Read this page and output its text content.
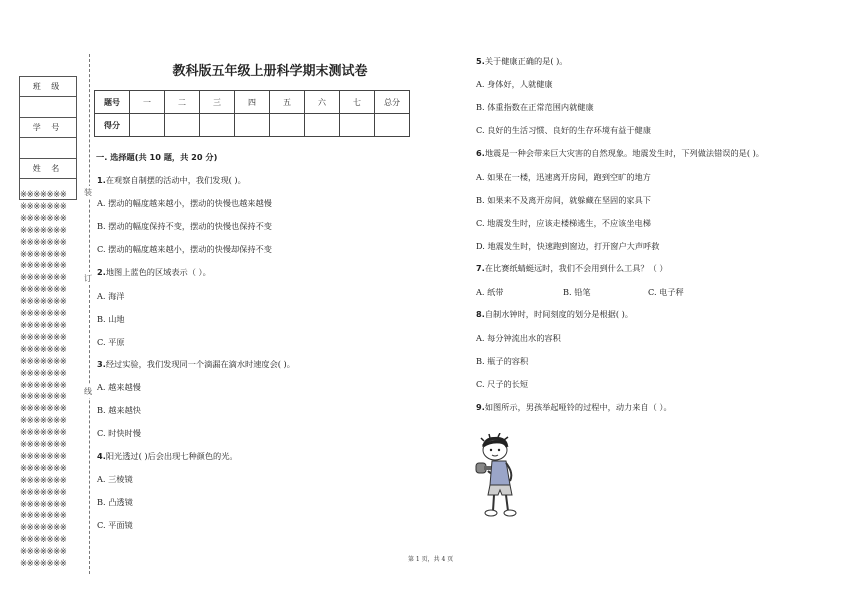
班 级

学 号

姓 名

※※※※※※※
※※※※※※※
※※※※※※※
※※※※※※※
※※※※※※※
※※※※※※※
※※※※※※※
※※※※※※※
※※※※※※※
※※※※※※※
※※※※※※※
※※※※※※※
※※※※※※※
※※※※※※※
※※※※※※※
※※※※※※※
※※※※※※※
※※※※※※※
※※※※※※※
※※※※※※※
※※※※※※※
※※※※※※※
※※※※※※※
※※※※※※※
※※※※※※※
※※※※※※※
※※※※※※※
※※※※※※※
※※※※※※※
※※※※※※※
※※※※※※※
※※※※※※※
装
订
线
教科版五年级上册科学期末测试卷
题号	一	二	三	四	五	六	七	总分
得分								
一. 选择题(共 10 题，共 20 分)
1.在观察自制摆的活动中，我们发现( )。
A. 摆动的幅度越来越小，摆动的快慢也越来越慢
B. 摆动的幅度保持不变，摆动的快慢也保持不变
C. 摆动的幅度越来越小，摆动的快慢却保持不变
2.地图上蓝色的区域表示（ ）。
A. 海洋
B. 山地
C. 平原
3.经过实验，我们发现同一个滴漏在滴水时速度会( )。
A. 越来越慢
B. 越来越快
C. 时快时慢
4.阳光透过( )后会出现七种颜色的光。
A. 三棱镜
B. 凸透镜
C. 平面镜
5.关于健康正确的是( )。
A. 身体好，人就健康
B. 体重指数在正常范围内就健康
C. 良好的生活习惯、良好的生存环境有益于健康
6.地震是一种会带来巨大灾害的自然现象。地震发生时，下列做法错误的是( )。
A. 如果在一楼，迅速离开房间，跑到空旷的地方
B. 如果来不及离开房间，就躲藏在坚固的家具下
C. 地震发生时，应该走楼梯逃生，不应该坐电梯
D. 地震发生时，快速跑到窗边，打开窗户大声呼救
7.在比赛纸蜻蜓远时，我们不会用到什么工具？（ ）
A. 纸带	B. 铅笔	C. 电子秤
8.自制水钟时，时间刻度的划分是根据( )。
A. 每分钟流出水的容积
B. 瓶子的容积
C. 尺子的长短
9.如图所示，男孩举起哑铃的过程中，动力来自（ ）。
第 1 页，共 4 页
